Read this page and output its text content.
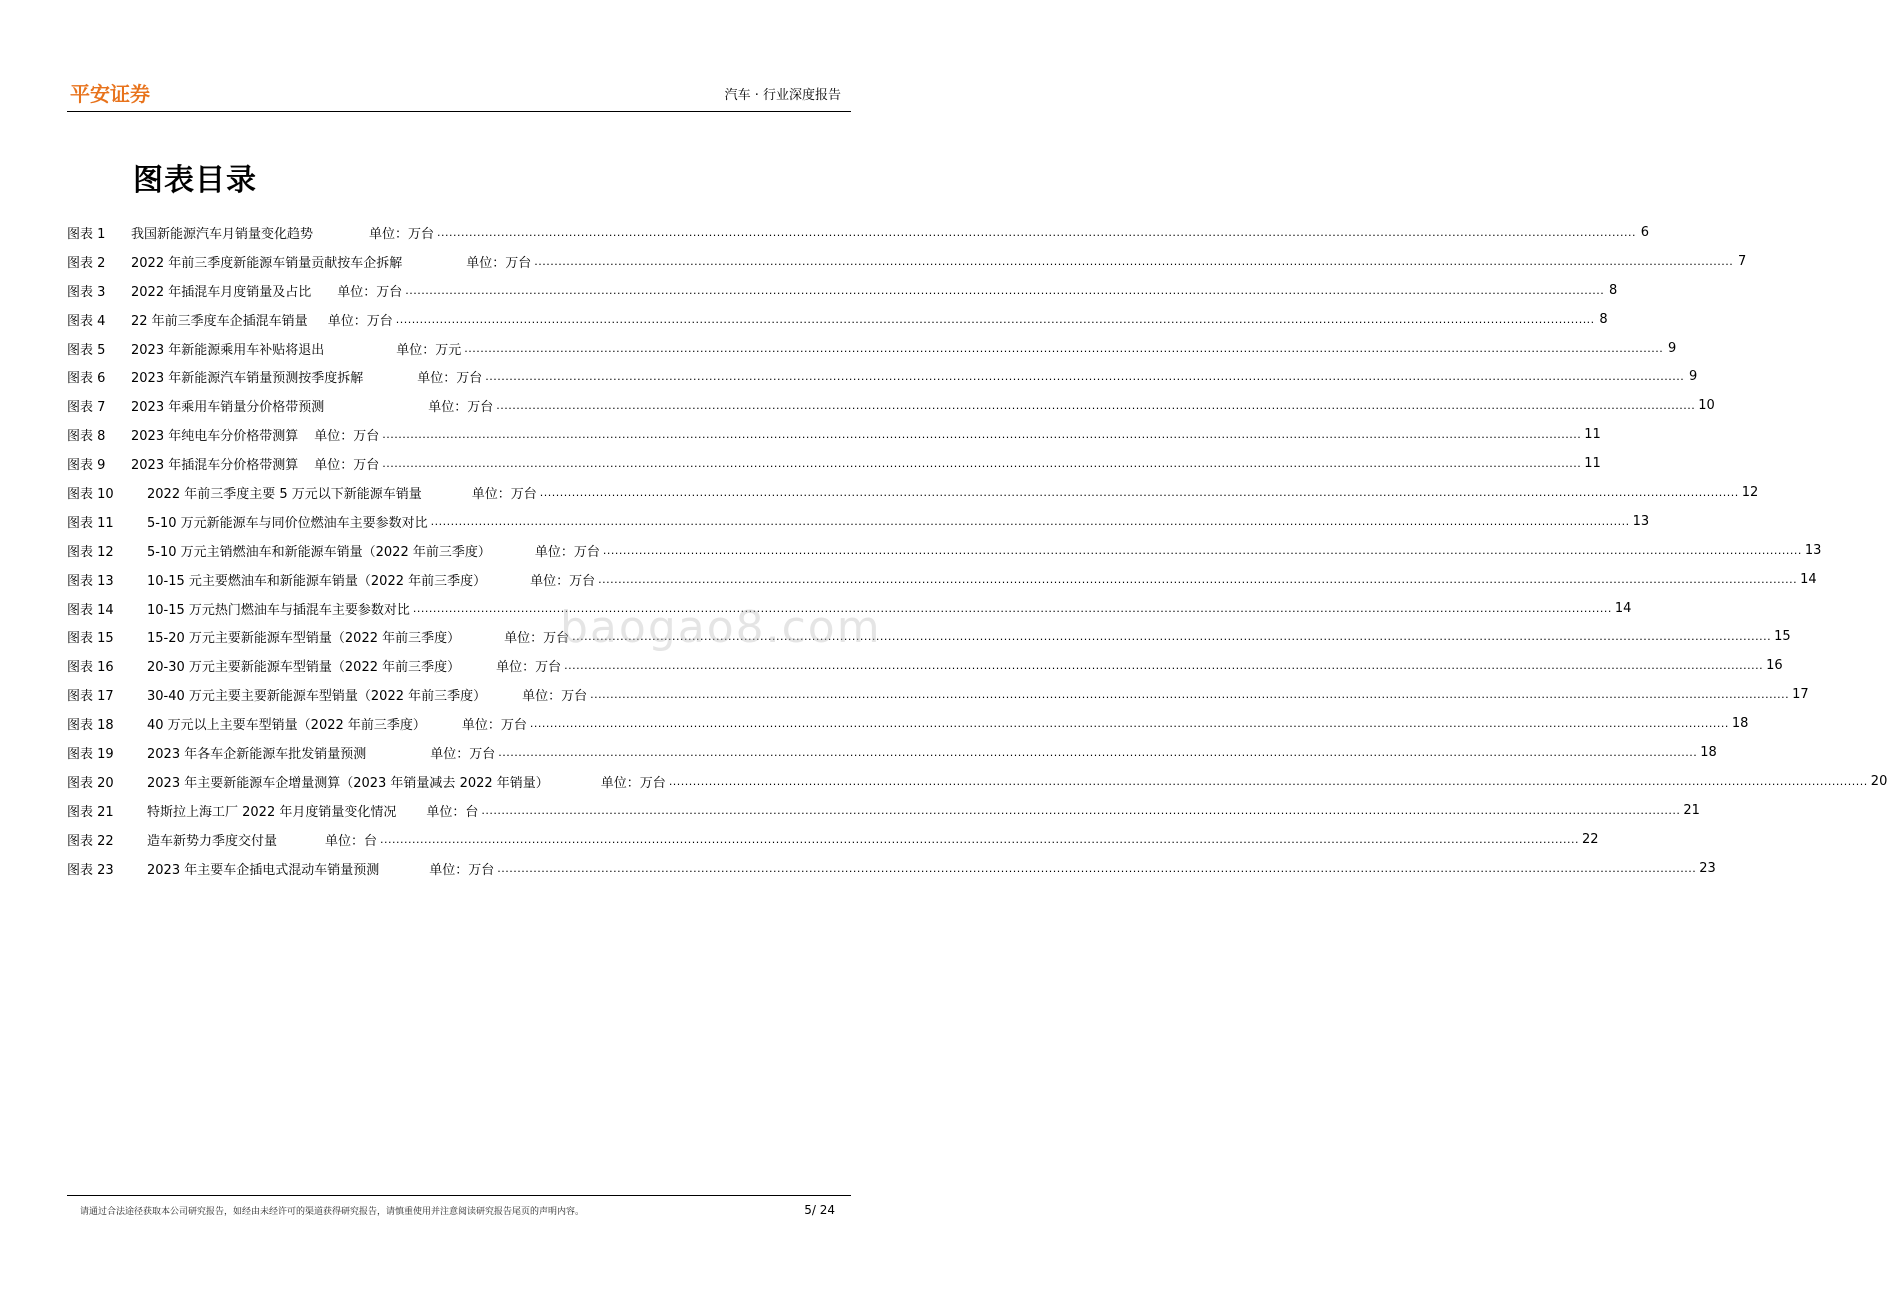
平安证券	汽车 · 行业深度报告
图表目录
图表 1	我国新能源汽车月销量变化趋势	单位：万台 ............................................................................................................................................................................................................................................................................................................ 6
图表 2	2022 年前三季度新能源车销量贡献按车企拆解	单位：万台 ............................................................................................................................................................................................................................................................................................................ 7
图表 3	2022 年插混车月度销量及占比 单位：万台 ............................................................................................................................................................................................................................................................................................................ 8
图表 4	22 年前三季度车企插混车销量 单位：万台 ............................................................................................................................................................................................................................................................................................................ 8
图表 5	2023 年新能源乘用车补贴将退出	单位：万元 ............................................................................................................................................................................................................................................................................................................ 9
图表 6	2023 年新能源汽车销量预测按季度拆解	单位：万台 ............................................................................................................................................................................................................................................................................................................ 9
图表 7	2023 年乘用车销量分价格带预测	单位：万台 ............................................................................................................................................................................................................................................................................................................ 10
图表 8	2023 年纯电车分价格带测算 单位：万台 ............................................................................................................................................................................................................................................................................................................ 11
图表 9	2023 年插混车分价格带测算 单位：万台 ............................................................................................................................................................................................................................................................................................................ 11
图表 10	2022 年前三季度主要 5 万元以下新能源车销量	单位：万台 ............................................................................................................................................................................................................................................................................................................ 12
图表 11	5-10 万元新能源车与同价位燃油车主要参数对比 ............................................................................................................................................................................................................................................................................................................ 13
图表 12	5-10 万元主销燃油车和新能源车销量（2022 年前三季度）	单位：万台 ............................................................................................................................................................................................................................................................................................................ 13
图表 13	10-15 元主要燃油车和新能源车销量（2022 年前三季度）	单位：万台 ............................................................................................................................................................................................................................................................................................................ 14
图表 14	10-15 万元热门燃油车与插混车主要参数对比 ............................................................................................................................................................................................................................................................................................................ 14
图表 15	15-20 万元主要新能源车型销量（2022 年前三季度）	单位：万台 ............................................................................................................................................................................................................................................................................................................ 15
图表 16	20-30 万元主要新能源车型销量（2022 年前三季度）	单位：万台 ............................................................................................................................................................................................................................................................................................................ 16
图表 17	30-40 万元主要主要新能源车型销量（2022 年前三季度）	单位：万台 ............................................................................................................................................................................................................................................................................................................ 17
图表 18	40 万元以上主要车型销量（2022 年前三季度）	单位：万台 ............................................................................................................................................................................................................................................................................................................ 18
图表 19	2023 年各车企新能源车批发销量预测	单位：万台 ............................................................................................................................................................................................................................................................................................................ 18
图表 20	2023 年主要新能源车企增量测算（2023 年销量减去 2022 年销量）	单位：万台 ............................................................................................................................................................................................................................................................................................................ 20
图表 21	特斯拉上海工厂 2022 年月度销量变化情况 单位：台 ............................................................................................................................................................................................................................................................................................................ 21
图表 22	造车新势力季度交付量	单位：台 ............................................................................................................................................................................................................................................................................................................ 22
图表 23	2023 年主要车企插电式混动车销量预测	单位：万台 ............................................................................................................................................................................................................................................................................................................ 23
baogao8.com
请通过合法途径获取本公司研究报告，如经由未经许可的渠道获得研究报告，请慎重使用并注意阅读研究报告尾页的声明内容。	5/ 24
